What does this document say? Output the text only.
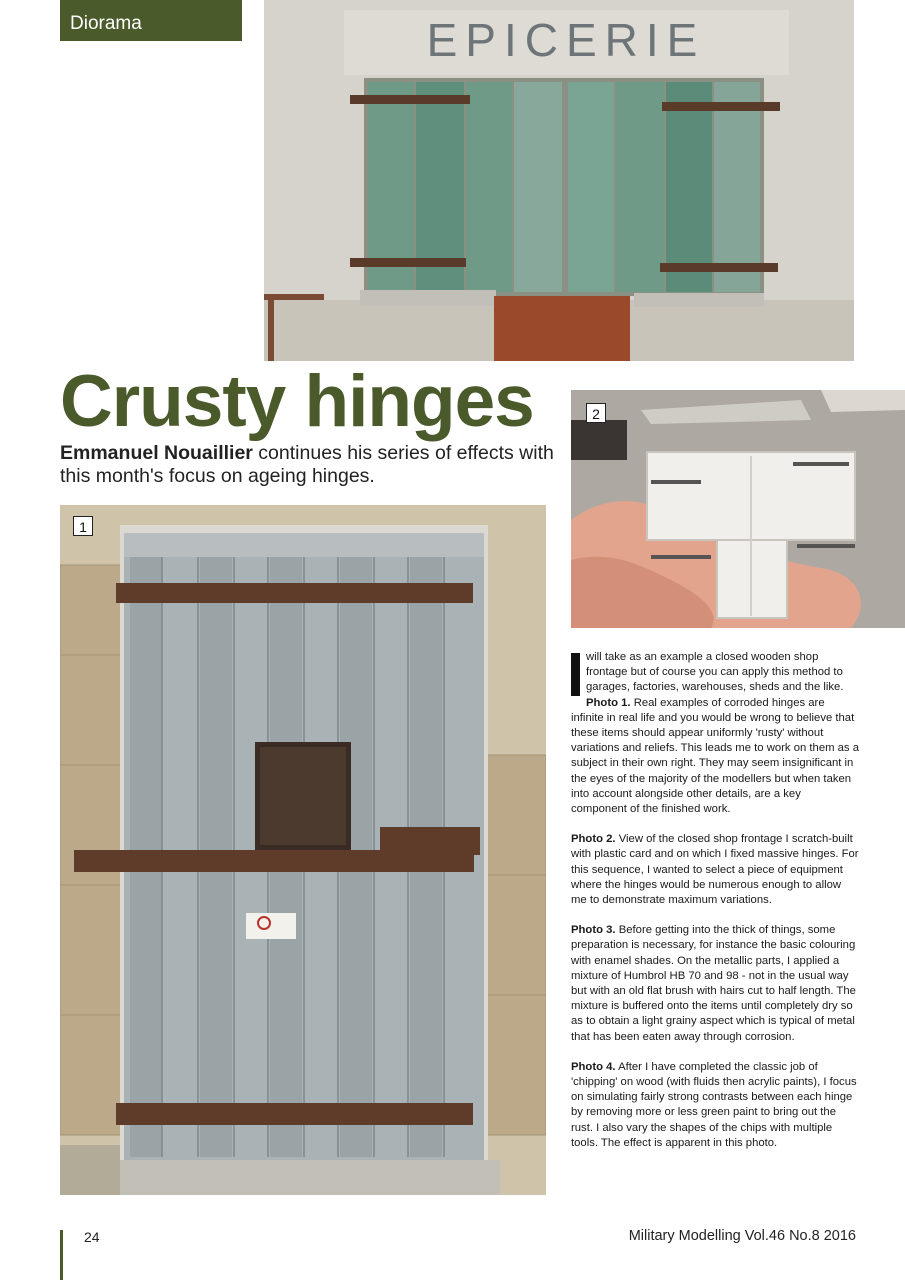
Diorama	EPICERIE
Crusty hinges

Emmanuel Nouaillier continues his series of effects with this month's focus on ageing hinges.

1
2

will take as an example a closed wooden shop frontage but of course you can apply this method to garages, factories, warehouses, sheds and the like.
Photo 1. Real examples of corroded hinges are infinite in real life and you would be wrong to believe that these items should appear uniformly 'rusty' without variations and reliefs. This leads me to work on them as a subject in their own right. They may seem insignificant in the eyes of the majority of the modellers but when taken into account alongside other details, are a key component of the finished work.

Photo 2. View of the closed shop frontage I scratch-built with plastic card and on which I fixed massive hinges. For this sequence, I wanted to select a piece of equipment where the hinges would be numerous enough to allow me to demonstrate maximum variations.

Photo 3. Before getting into the thick of things, some preparation is necessary, for instance the basic colouring with enamel shades. On the metallic parts, I applied a mixture of Humbrol HB 70 and 98 - not in the usual way but with an old flat brush with hairs cut to half length. The mixture is buffered onto the items until completely dry so as to obtain a light grainy aspect which is typical of metal that has been eaten away through corrosion.

Photo 4. After I have completed the classic job of 'chipping' on wood (with fluids then acrylic paints), I focus on simulating fairly strong contrasts between each hinge by removing more or less green paint to bring out the rust. I also vary the shapes of the chips with multiple tools. The effect is apparent in this photo.

24	Military Modelling Vol.46 No.8 2016
